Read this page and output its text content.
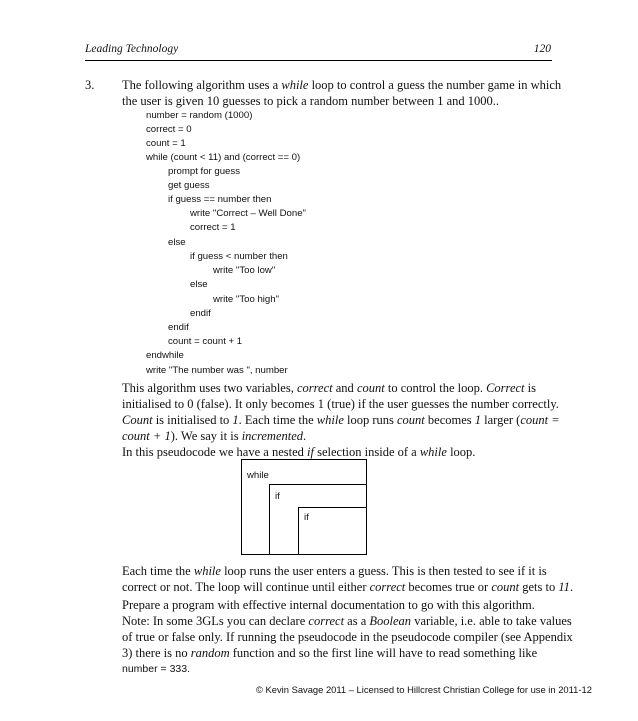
Leading Technology	120
3. The following algorithm uses a while loop to control a guess the number game in which
the user is given 10 guesses to pick a random number between 1 and 1000..
number = random (1000)
correct = 0
count = 1
while (count < 11) and (correct == 0)
prompt for guess
get guess
if guess == number then
write "Correct – Well Done"
correct = 1
else
if guess < number then
write "Too low"
else
write "Too high"
endif
endif
count = count + 1
endwhile
write "The number was ", number
This algorithm uses two variables, correct and count to control the loop. Correct is
initialised to 0 (false). It only becomes 1 (true) if the user guesses the number correctly.
Count is initialised to 1. Each time the while loop runs count becomes 1 larger (count =
count + 1). We say it is incremented.
In this pseudocode we have a nested if selection inside of a while loop.
while
if
if
Each time the while loop runs the user enters a guess. This is then tested to see if it is
correct or not. The loop will continue until either correct becomes true or count gets to 11.
Prepare a program with effective internal documentation to go with this algorithm.
Note: In some 3GLs you can declare correct as a Boolean variable, i.e. able to take values
of true or false only. If running the pseudocode in the pseudocode compiler (see Appendix
3) there is no random function and so the first line will have to read something like
number = 333.
© Kevin Savage 2011 – Licensed to Hillcrest Christian College for use in 2011-12
